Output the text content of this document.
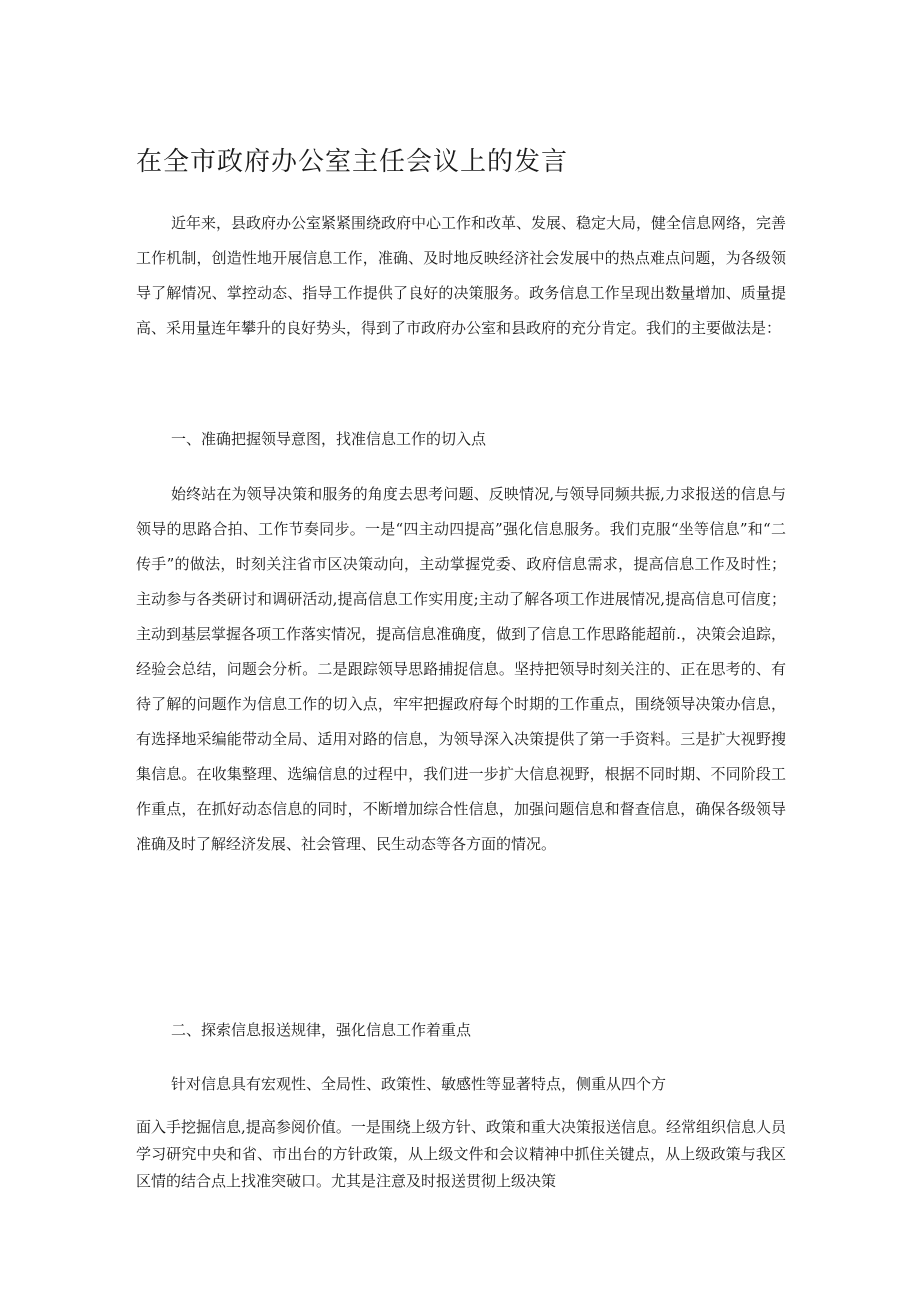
在全市政府办公室主任会议上的发言

近年来，县政府办公室紧紧围绕政府中心工作和改革、发展、稳定大局，健全信息网络，完善工作机制，创造性地开展信息工作，准确、及时地反映经济社会发展中的热点难点问题，为各级领导了解情况、掌控动态、指导工作提供了良好的决策服务。政务信息工作呈现出数量增加、质量提高、采用量连年攀升的良好势头，得到了市政府办公室和县政府的充分肯定。我们的主要做法是：

一、准确把握领导意图，找准信息工作的切入点

始终站在为领导决策和服务的角度去思考问题、反映情况,与领导同频共振,力求报送的信息与领导的思路合拍、工作节奏同步。一是“四主动四提高”强化信息服务。我们克服“坐等信息”和“二传手”的做法，时刻关注省市区决策动向，主动掌握党委、政府信息需求，提高信息工作及时性；主动参与各类研讨和调研活动,提高信息工作实用度;主动了解各项工作进展情况,提高信息可信度；主动到基层掌握各项工作落实情况，提高信息准确度，做到了信息工作思路能超前.，决策会追踪，经验会总结，问题会分析。二是跟踪领导思路捕捉信息。坚持把领导时刻关注的、正在思考的、有待了解的问题作为信息工作的切入点，牢牢把握政府每个时期的工作重点，围绕领导决策办信息，有选择地采编能带动全局、适用对路的信息，为领导深入决策提供了第一手资料。三是扩大视野搜集信息。在收集整理、选编信息的过程中，我们进一步扩大信息视野，根据不同时期、不同阶段工作重点，在抓好动态信息的同时，不断增加综合性信息，加强问题信息和督查信息，确保各级领导准确及时了解经济发展、社会管理、民生动态等各方面的情况。

二、探索信息报送规律，强化信息工作着重点

针对信息具有宏观性、全局性、政策性、敏感性等显著特点，侧重从四个方

面入手挖掘信息,提高参阅价值。一是围绕上级方针、政策和重大决策报送信息。经常组织信息人员学习研究中央和省、市出台的方针政策，从上级文件和会议精神中抓住关键点，从上级政策与我区区情的结合点上找准突破口。尤其是注意及时报送贯彻上级决策
